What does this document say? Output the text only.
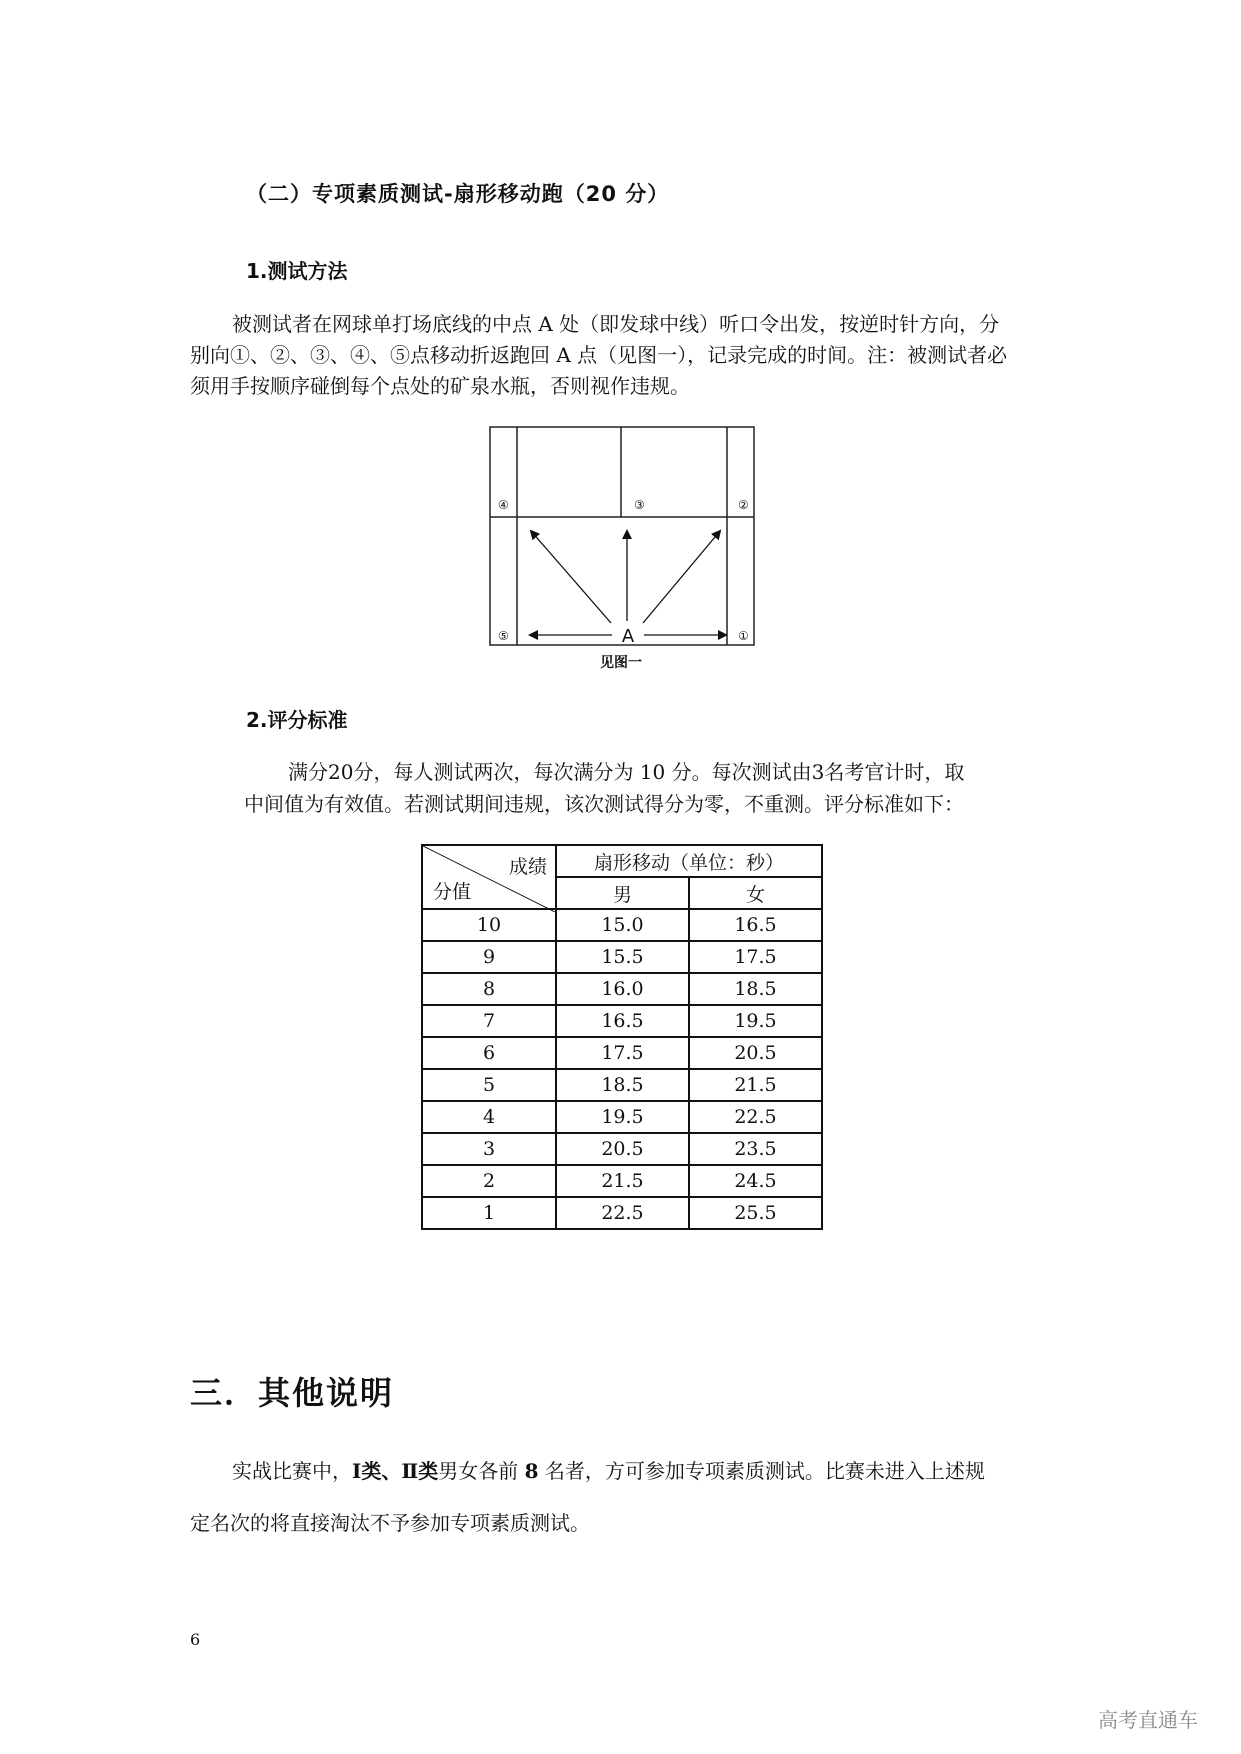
（二）专项素质测试-扇形移动跑（20 分）
1.测试方法
被测试者在网球单打场底线的中点 A 处（即发球中线）听口令出发，按逆时针方向，分
别向①、②、③、④、⑤点移动折返跑回 A 点（见图一），记录完成的时间。注：被测试者必
须用手按顺序碰倒每个点处的矿泉水瓶，否则视作违规。
A	①
②
③
④
⑤
见图一
2.评分标准
满分20分，每人测试两次，每次满分为 10 分。每次测试由3名考官计时，取
中间值为有效值。若测试期间违规，该次测试得分为零，不重测。评分标准如下：
成绩
分值	扇形移动（单位：秒）	
	男	女
10	15.0	16.5
9	15.5	17.5
8	16.0	18.5
7	16.5	19.5
6	17.5	20.5
5	18.5	21.5
4	19.5	22.5
3	20.5	23.5
2	21.5	24.5
1	22.5	25.5
三．其他说明
实战比赛中，Ⅰ类、Ⅱ类男女各前 8 名者，方可参加专项素质测试。比赛未进入上述规
定名次的将直接淘汰不予参加专项素质测试。
6
高考直通车
